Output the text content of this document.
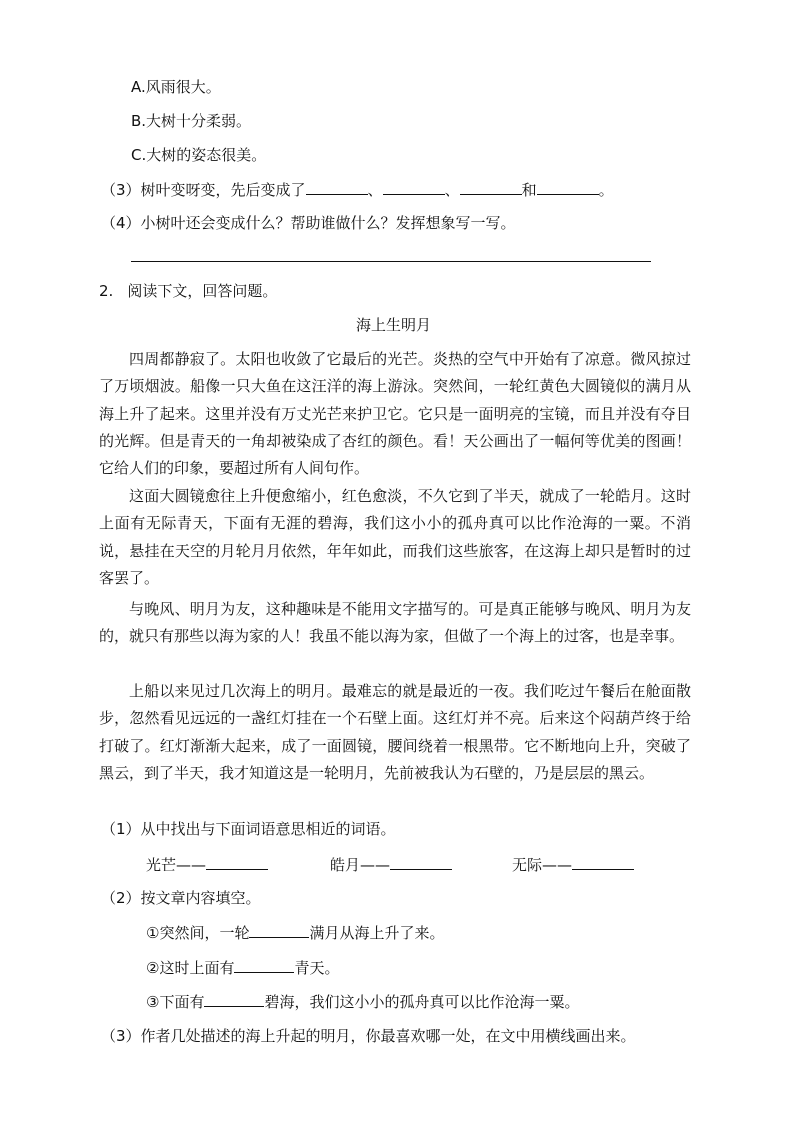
A.风雨很大。
B.大树十分柔弱。
C.大树的姿态很美。
（3）树叶变呀变，先后变成了	、	、	和	。
（4）小树叶还会变成什么？帮助谁做什么？发挥想象写一写。
2. 阅读下文，回答问题。
海上生明月
四周都静寂了。太阳也收敛了它最后的光芒。炎热的空气中开始有了凉意。微风掠过了万顷烟波。船像一只大鱼在这汪洋的海上游泳。突然间，一轮红黄色大圆镜似的满月从海上升了起来。这里并没有万丈光芒来护卫它。它只是一面明亮的宝镜，而且并没有夺目的光辉。但是青天的一角却被染成了杏红的颜色。看！天公画出了一幅何等优美的图画！它给人们的印象，要超过所有人间句作。
这面大圆镜愈往上升便愈缩小，红色愈淡，不久它到了半天，就成了一轮皓月。这时上面有无际青天，下面有无涯的碧海，我们这小小的孤舟真可以比作沧海的一粟。不消说，悬挂在天空的月轮月月依然，年年如此，而我们这些旅客，在这海上却只是暂时的过客罢了。
与晚风、明月为友，这种趣味是不能用文字描写的。可是真正能够与晚风、明月为友的，就只有那些以海为家的人！我虽不能以海为家，但做了一个海上的过客，也是幸事。
上船以来见过几次海上的明月。最难忘的就是最近的一夜。我们吃过午餐后在舱面散步，忽然看见远远的一盏红灯挂在一个石壁上面。这红灯并不亮。后来这个闷葫芦终于给打破了。红灯渐渐大起来，成了一面圆镜，腰间绕着一根黑带。它不断地向上升，突破了黑云，到了半天，我才知道这是一轮明月，先前被我认为石壁的，乃是层层的黑云。
（1）从中找出与下面词语意思相近的词语。
光芒——	皓月——	无际——
（2）按文章内容填空。
①突然间，一轮	满月从海上升了来。
②这时上面有	青天。
③下面有	碧海，我们这小小的孤舟真可以比作沧海一粟。
（3）作者几处描述的海上升起的明月，你最喜欢哪一处，在文中用横线画出来。
